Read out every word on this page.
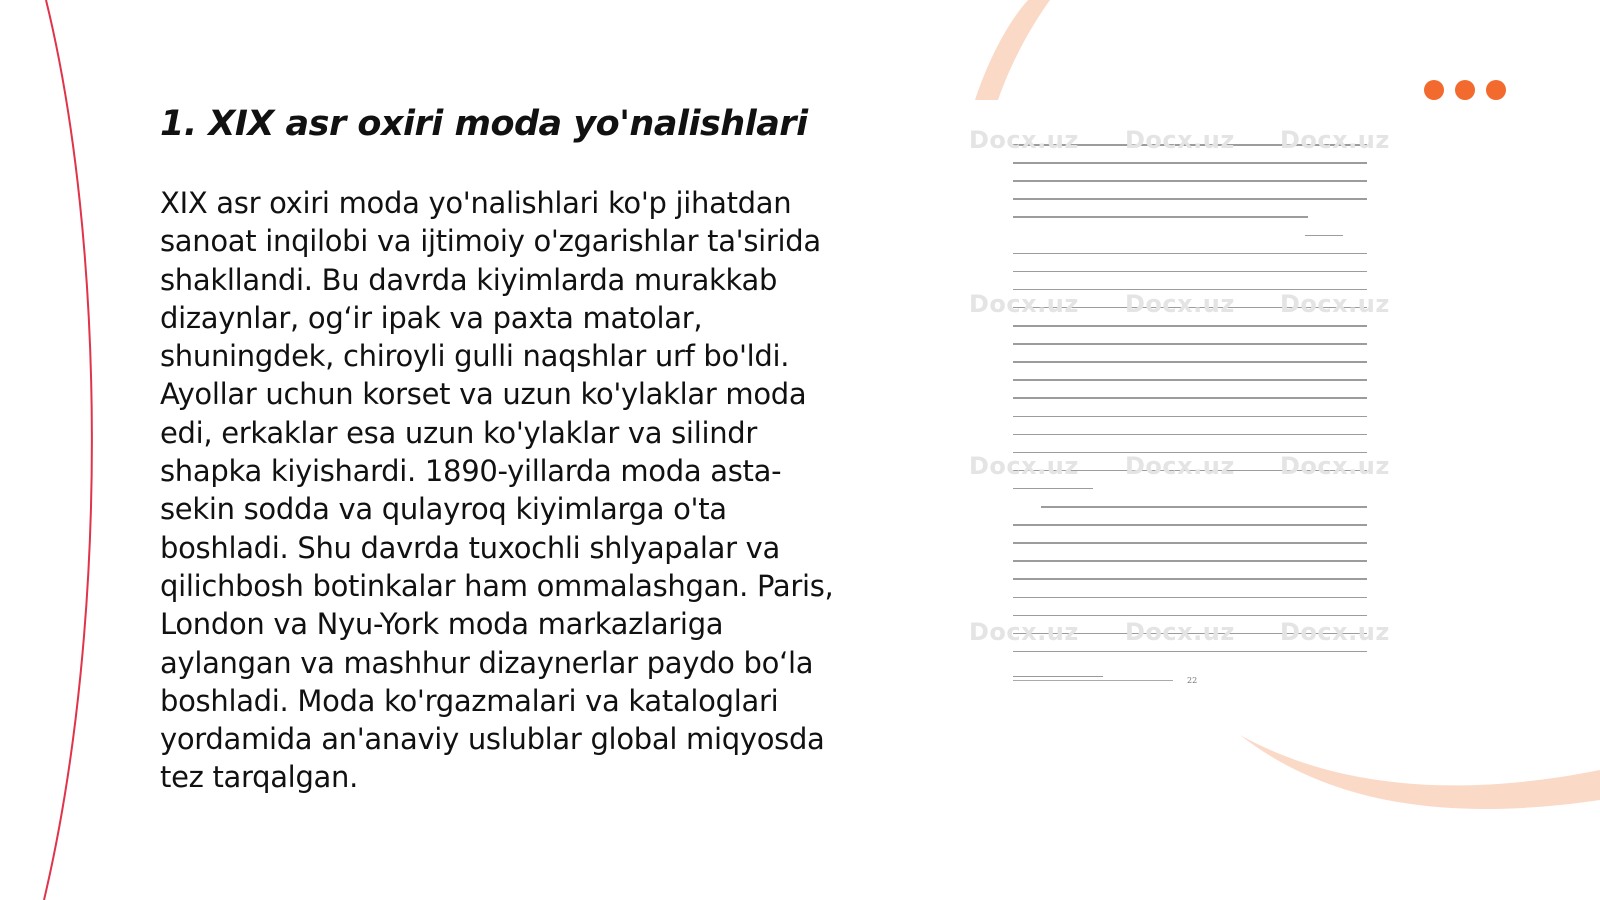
1. XIX asr oxiri moda yo'nalishlari

XIX asr oxiri moda yo'nalishlari ko'p jihatdan sanoat inqilobi va ijtimoiy o'zgarishlar ta'sirida shakllandi. Bu davrda kiyimlarda murakkab dizaynlar, og‘ir ipak va paxta matolar, shuningdek, chiroyli gulli naqshlar urf bo'ldi. Ayollar uchun korset va uzun ko'ylaklar moda edi, erkaklar esa uzun ko'ylaklar va silindr shapka kiyishardi. 1890-yillarda moda asta-sekin sodda va qulayroq kiyimlarga o'ta boshladi. Shu davrda tuxochli shlyapalar va qilichbosh botinkalar ham ommalashgan. Paris, London va Nyu-York moda markazlariga aylangan va mashhur dizaynerlar paydo bo‘la boshladi. Moda ko'rgazmalari va kataloglari yordamida an'anaviy uslublar global miqyosda tez tarqalgan.

Docx.uz Docx.uz Docx.uz
Docx.uz Docx.uz Docx.uz
Docx.uz Docx.uz Docx.uz
Docx.uz Docx.uz Docx.uz
22
